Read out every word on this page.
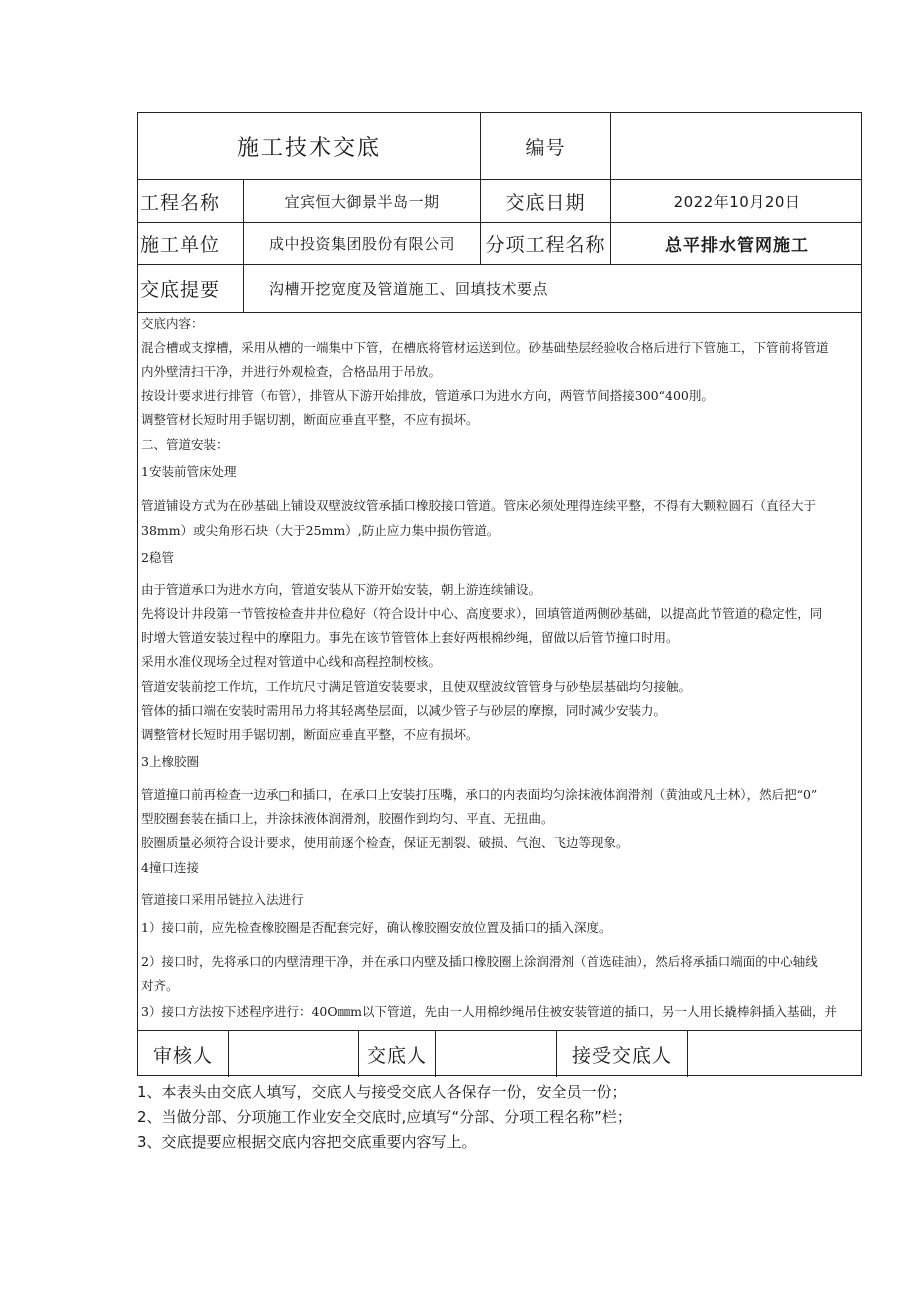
施工技术交底	编号
工程名称	宜宾恒大御景半岛一期	交底日期	2022年10月20日
施工单位	成中投资集团股份有限公司	分项工程名称	总平排水管网施工
交底提要	沟槽开挖宽度及管道施工、回填技术要点
交底内容：
混合槽或支撑槽，采用从槽的一端集中下管，在槽底将管材运送到位。砂基础垫层经验收合格后进行下管施工，下管前将管道
内外壁清扫干净，并进行外观检查，合格品用于吊放。
按设计要求进行排管（布管），排管从下游开始排放，管道承口为进水方向，两管节间搭接300“400刖。
调整管材长短时用手锯切割，断面应垂直平整，不应有损坏。
二、管道安装：
1安装前管床处理
管道铺设方式为在砂基础上铺设双壁波纹管承插口橡胶接口管道。管床必须处理得连续平整，不得有大颗粒圆石（直径大于
38mm）或尖角形石块（大于25mm）,防止应力集中损伤管道。
2稳管
由于管道承口为进水方向，管道安装从下游开始安装，朝上游连续铺设。
先将设计井段第一节管按检查井井位稳好（符合设计中心、高度要求），回填管道两侧砂基础，以提高此节管道的稳定性，同
时增大管道安装过程中的摩阻力。事先在该节管管体上套好两根棉纱绳，留做以后管节撞口时用。
采用水准仪现场全过程对管道中心线和高程控制校核。
管道安装前挖工作坑，工作坑尺寸满足管道安装要求，且使双壁波纹管管身与砂垫层基础均匀接触。
管体的插口端在安装时需用吊力将其轻离垫层面，以减少管子与砂层的摩擦，同时减少安装力。
调整管材长短时用手锯切割，断面应垂直平整，不应有损坏。
3上橡胶圈
管道撞口前再检查一边承□和插口，在承口上安装打压嘴，承口的内表面均匀涂抹液体润滑剂（黄油或凡士林），然后把“0”
型胶圈套装在插口上，并涂抹液体润滑剂，胶圈作到均匀、平直、无扭曲。
胶圈质量必须符合设计要求，使用前逐个检查，保证无割裂、破损、气泡、飞边等现象。
4撞口连接
管道接口采用吊链拉入法进行
1）接口前，应先检查橡胶圈是否配套完好，确认橡胶圈安放位置及插口的插入深度。
2）接口时，先将承口的内壁清理干净，并在承口内壁及插口橡胶圈上涂润滑剂（首选硅油），然后将承插口端面的中心轴线
对齐。
3）接口方法按下述程序进行：40O㎜m以下管道，先由一人用棉纱绳吊住被安装管道的插口，另一人用长撬棒斜插入基础，并
审核人	交底人	接受交底人
1、本表头由交底人填写，交底人与接受交底人各保存一份，安全员一份；
2、当做分部、分项施工作业安全交底时,应填写“分部、分项工程名称”栏；
3、交底提要应根据交底内容把交底重要内容写上。
